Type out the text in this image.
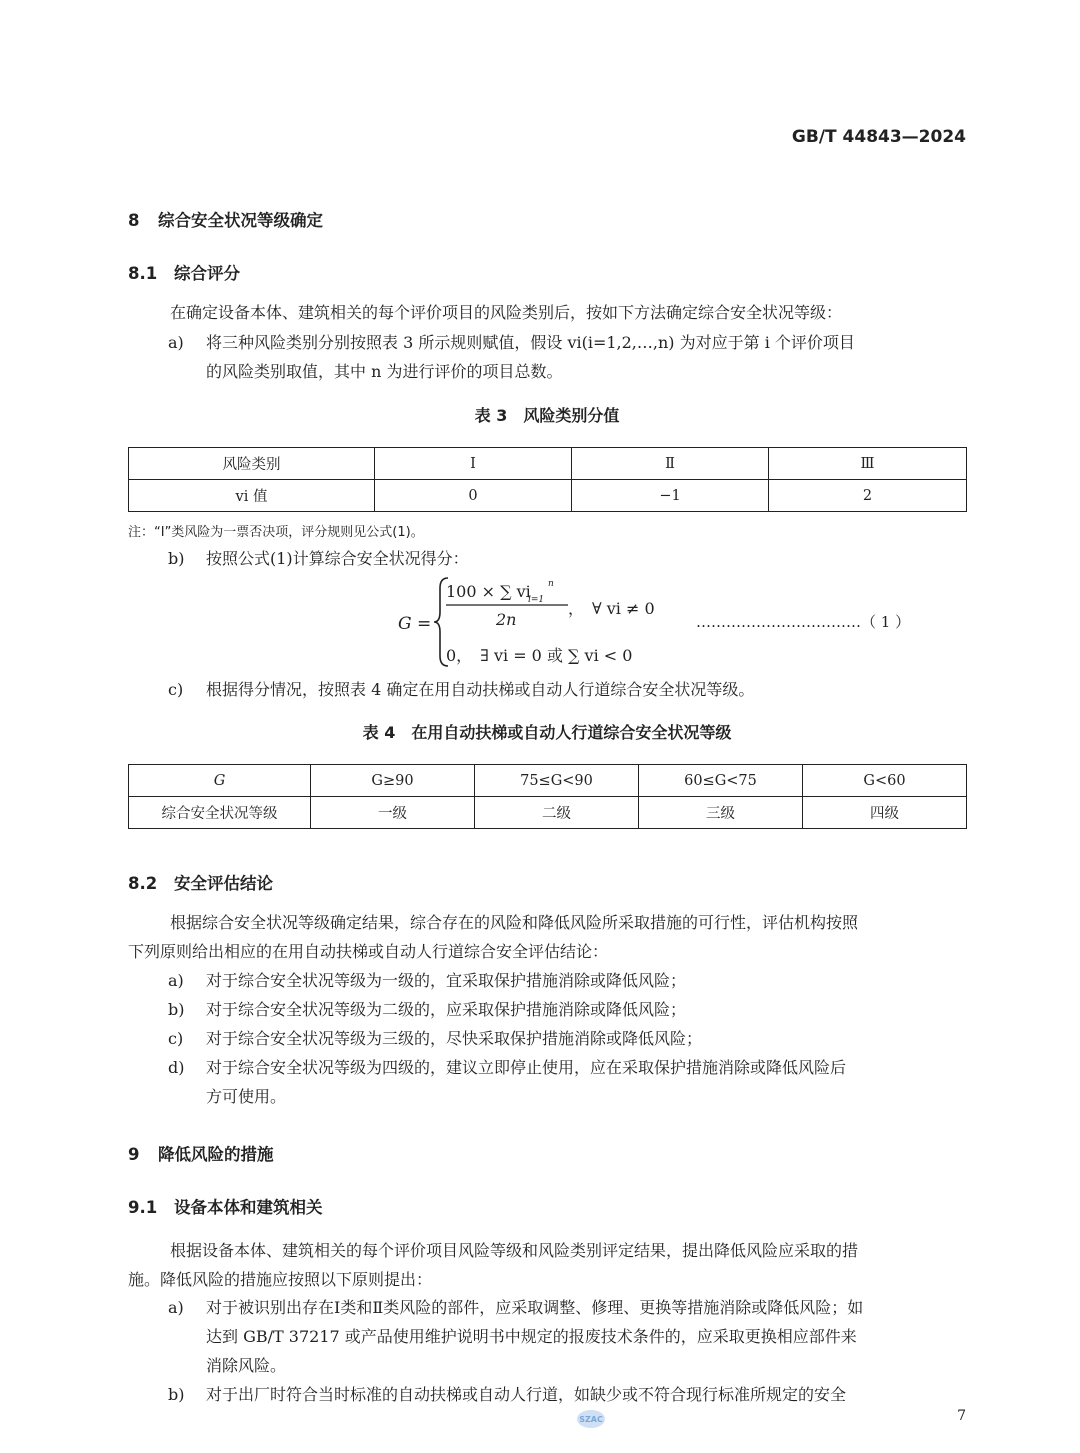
GB/T 44843—2024
8 综合安全状况等级确定
8.1 综合评分
在确定设备本体、建筑相关的每个评价项目的风险类别后，按如下方法确定综合安全状况等级：
a) 将三种风险类别分别按照表 3 所示规则赋值，假设 vi(i=1,2,…,n) 为对应于第 i 个评价项目
的风险类别取值，其中 n 为进行评价的项目总数。
表 3　风险类别分值
风险类别	Ⅰ	Ⅱ	Ⅲ
vi 值	0	−1	2
注：“Ⅰ”类风险为一票否决项，评分规则见公式(1)。
b) 按照公式(1)计算综合安全状况得分：
G =
100 × ∑ vi n
i=1
2n
，　∀ vi ≠ 0
0，　∃ vi = 0 或 ∑ vi < 0
……………………………（ 1 ）
c) 根据得分情况，按照表 4 确定在用自动扶梯或自动人行道综合安全状况等级。
表 4　在用自动扶梯或自动人行道综合安全状况等级
G	G≥90	75≤G<90	60≤G<75	G<60
综合安全状况等级	一级	二级	三级	四级
8.2 安全评估结论
根据综合安全状况等级确定结果，综合存在的风险和降低风险所采取措施的可行性，评估机构按照
下列原则给出相应的在用自动扶梯或自动人行道综合安全评估结论：
a) 对于综合安全状况等级为一级的，宜采取保护措施消除或降低风险；
b) 对于综合安全状况等级为二级的，应采取保护措施消除或降低风险；
c) 对于综合安全状况等级为三级的，尽快采取保护措施消除或降低风险；
d) 对于综合安全状况等级为四级的，建议立即停止使用，应在采取保护措施消除或降低风险后
方可使用。
9 降低风险的措施
9.1 设备本体和建筑相关
根据设备本体、建筑相关的每个评价项目风险等级和风险类别评定结果，提出降低风险应采取的措
施。降低风险的措施应按照以下原则提出：
a) 对于被识别出存在Ⅰ类和Ⅱ类风险的部件，应采取调整、修理、更换等措施消除或降低风险；如
达到 GB/T 37217 或产品使用维护说明书中规定的报废技术条件的，应采取更换相应部件来
消除风险。
b) 对于出厂时符合当时标准的自动扶梯或自动人行道，如缺少或不符合现行标准所规定的安全
SZAC	7
